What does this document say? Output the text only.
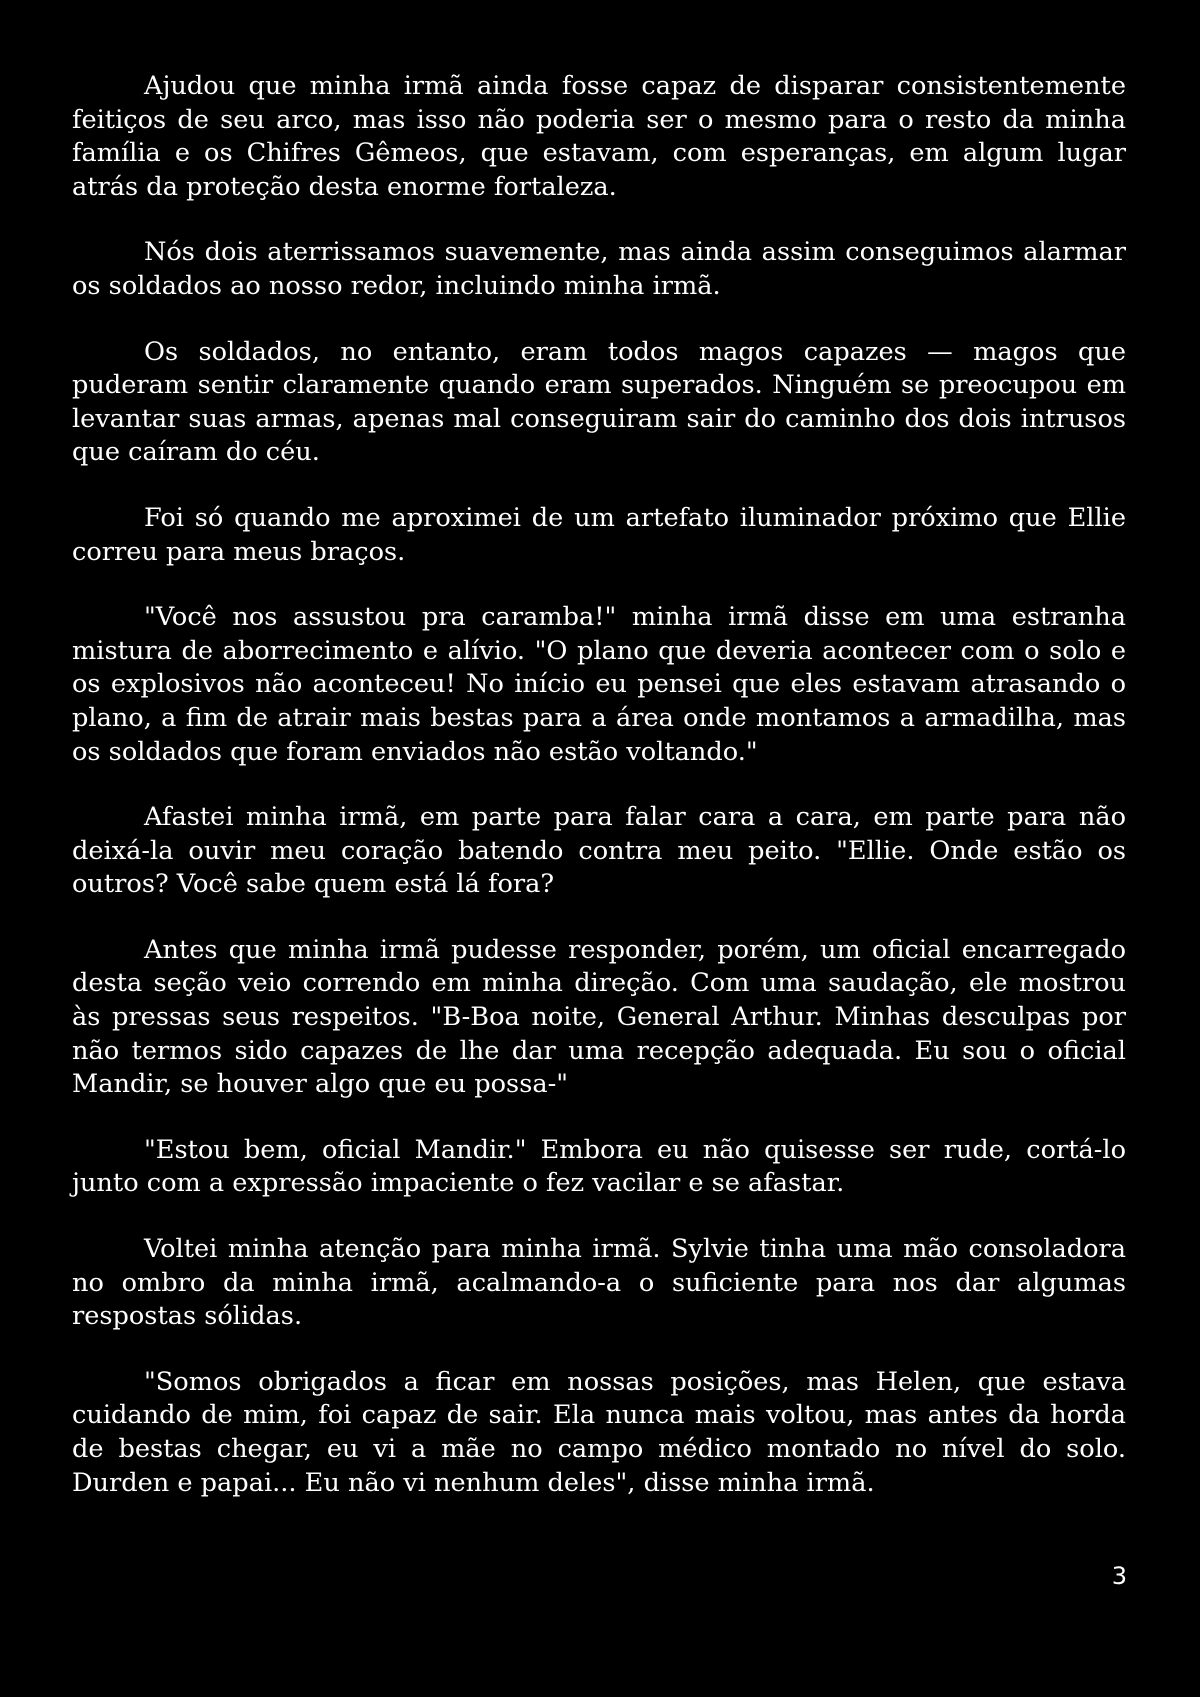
Ajudou que minha irmã ainda fosse capaz de disparar consistentemente feitiços de seu arco, mas isso não poderia ser o mesmo para o resto da minha família e os Chifres Gêmeos, que estavam, com esperanças, em algum lugar atrás da proteção desta enorme fortaleza.

Nós dois aterrissamos suavemente, mas ainda assim conseguimos alarmar os soldados ao nosso redor, incluindo minha irmã.

Os soldados, no entanto, eram todos magos capazes — magos que puderam sentir claramente quando eram superados. Ninguém se preocupou em levantar suas armas, apenas mal conseguiram sair do caminho dos dois intrusos que caíram do céu.

Foi só quando me aproximei de um artefato iluminador próximo que Ellie correu para meus braços.

"Você nos assustou pra caramba!" minha irmã disse em uma estranha mistura de aborrecimento e alívio. "O plano que deveria acontecer com o solo e os explosivos não aconteceu! No início eu pensei que eles estavam atrasando o plano, a fim de atrair mais bestas para a área onde montamos a armadilha, mas os soldados que foram enviados não estão voltando."

Afastei minha irmã, em parte para falar cara a cara, em parte para não deixá-la ouvir meu coração batendo contra meu peito. "Ellie. Onde estão os outros? Você sabe quem está lá fora?

Antes que minha irmã pudesse responder, porém, um oficial encarregado desta seção veio correndo em minha direção. Com uma saudação, ele mostrou às pressas seus respeitos. "B-Boa noite, General Arthur. Minhas desculpas por não termos sido capazes de lhe dar uma recepção adequada. Eu sou o oficial Mandir, se houver algo que eu possa-"

"Estou bem, oficial Mandir." Embora eu não quisesse ser rude, cortá-lo junto com a expressão impaciente o fez vacilar e se afastar.

Voltei minha atenção para minha irmã. Sylvie tinha uma mão consoladora no ombro da minha irmã, acalmando-a o suficiente para nos dar algumas respostas sólidas.

"Somos obrigados a ficar em nossas posições, mas Helen, que estava cuidando de mim, foi capaz de sair. Ela nunca mais voltou, mas antes da horda de bestas chegar, eu vi a mãe no campo médico montado no nível do solo. Durden e papai... Eu não vi nenhum deles", disse minha irmã.

3
